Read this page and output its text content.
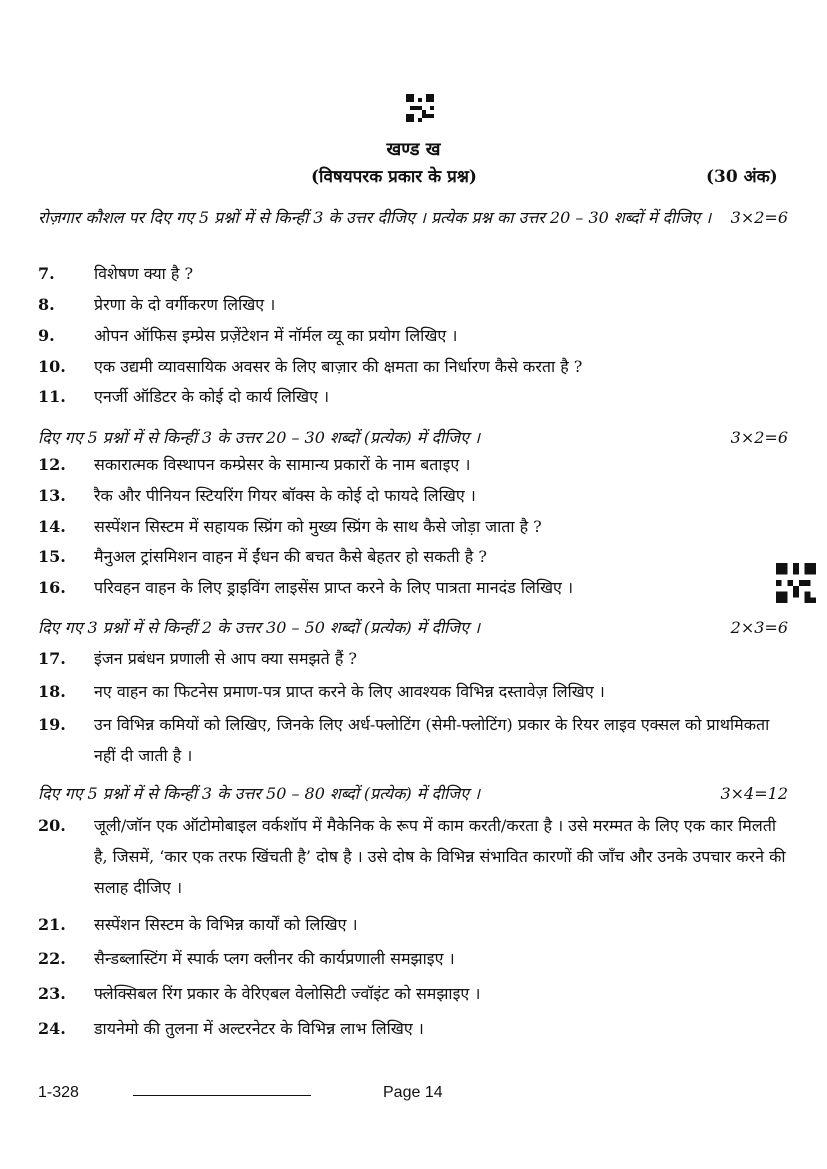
खण्ड ख
(विषयपरक प्रकार के प्रश्न)	(30 अंक)
रोज़गार कौशल पर दिए गए 5 प्रश्नों में से किन्हीं 3 के उत्तर दीजिए । प्रत्येक प्रश्न का उत्तर 20 – 30 शब्दों में दीजिए ।	3×2=6
7.	विशेषण क्या है ?
8.	प्रेरणा के दो वर्गीकरण लिखिए ।
9.	ओपन ऑफिस इम्प्रेस प्रज़ेंटेशन में नॉर्मल व्यू का प्रयोग लिखिए ।
10.	एक उद्यमी व्यावसायिक अवसर के लिए बाज़ार की क्षमता का निर्धारण कैसे करता है ?
11.	एनर्जी ऑडिटर के कोई दो कार्य लिखिए ।
दिए गए 5 प्रश्नों में से किन्हीं 3 के उत्तर 20 – 30 शब्दों (प्रत्येक) में दीजिए ।	3×2=6
12.	सकारात्मक विस्थापन कम्प्रेसर के सामान्य प्रकारों के नाम बताइए ।
13.	रैक और पीनियन स्टियरिंग गियर बॉक्स के कोई दो फायदे लिखिए ।
14.	सस्पेंशन सिस्टम में सहायक स्प्रिंग को मुख्य स्प्रिंग के साथ कैसे जोड़ा जाता है ?
15.	मैनुअल ट्रांसमिशन वाहन में ईंधन की बचत कैसे बेहतर हो सकती है ?
16.	परिवहन वाहन के लिए ड्राइविंग लाइसेंस प्राप्त करने के लिए पात्रता मानदंड लिखिए ।
दिए गए 3 प्रश्नों में से किन्हीं 2 के उत्तर 30 – 50 शब्दों (प्रत्येक) में दीजिए ।	2×3=6
17.	इंजन प्रबंधन प्रणाली से आप क्या समझते हैं ?
18.	नए वाहन का फिटनेस प्रमाण-पत्र प्राप्त करने के लिए आवश्यक विभिन्न दस्तावेज़ लिखिए ।
19.	उन विभिन्न कमियों को लिखिए, जिनके लिए अर्ध-फ्लोटिंग (सेमी-फ्लोटिंग) प्रकार के रियर लाइव एक्सल को प्राथमिकता नहीं दी जाती है ।
दिए गए 5 प्रश्नों में से किन्हीं 3 के उत्तर 50 – 80 शब्दों (प्रत्येक) में दीजिए ।	3×4=12
20.	जूली/जॉन एक ऑटोमोबाइल वर्कशॉप में मैकेनिक के रूप में काम करती/करता है । उसे मरम्मत के लिए एक कार मिलती है, जिसमें, ‘कार एक तरफ खिंचती है’ दोष है । उसे दोष के विभिन्न संभावित कारणों की जाँच और उनके उपचार करने की सलाह दीजिए ।
21.	सस्पेंशन सिस्टम के विभिन्न कार्यों को लिखिए ।
22.	सैन्डब्लास्टिंग में स्पार्क प्लग क्लीनर की कार्यप्रणाली समझाइए ।
23.	फ्लेक्सिबल रिंग प्रकार के वेरिएबल वेलोसिटी ज्वॉइंट को समझाइए ।
24.	डायनेमो की तुलना में अल्टरनेटर के विभिन्न लाभ लिखिए ।
1-328	Page 14
